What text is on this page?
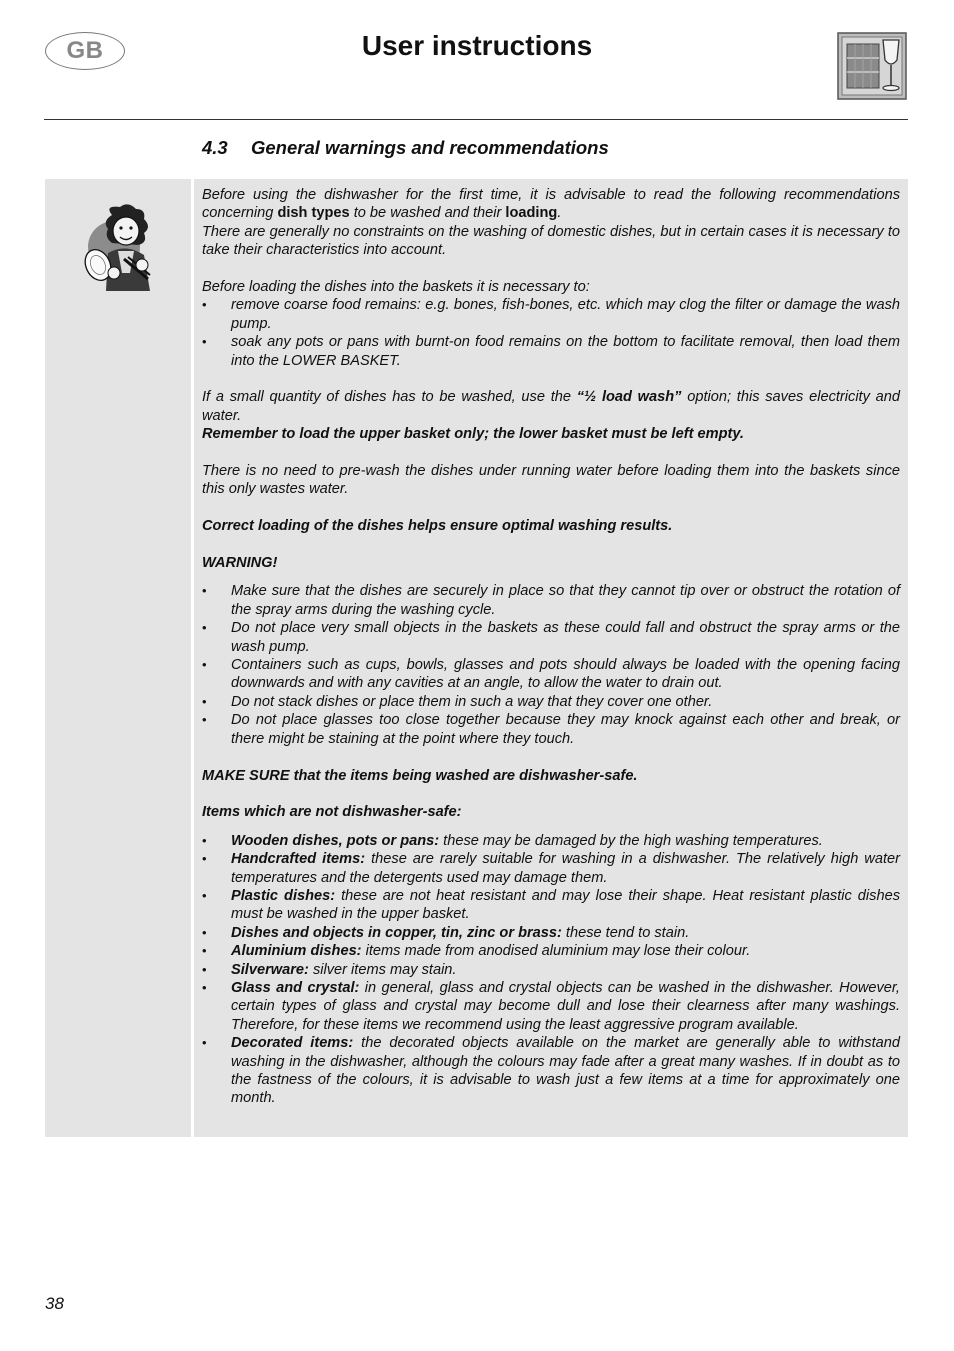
GB	User instructions
4.3 General warnings and recommendations

Before using the dishwasher for the first time, it is advisable to read the following recommendations concerning dish types to be washed and their loading.

There are generally no constraints on the washing of domestic dishes, but in certain cases it is necessary to take their characteristics into account.

Before loading the dishes into the baskets it is necessary to:

• remove coarse food remains: e.g. bones, fish-bones, etc. which may clog the filter or damage the wash pump.
• soak any pots or pans with burnt-on food remains on the bottom to facilitate removal, then load them into the LOWER BASKET.

If a small quantity of dishes has to be washed, use the “½ load wash” option; this saves electricity and water.

Remember to load the upper basket only; the lower basket must be left empty.

There is no need to pre-wash the dishes under running water before loading them into the baskets since this only wastes water.

Correct loading of the dishes helps ensure optimal washing results.

WARNING!

• Make sure that the dishes are securely in place so that they cannot tip over or obstruct the rotation of the spray arms during the washing cycle.
• Do not place very small objects in the baskets as these could fall and obstruct the spray arms or the wash pump.
• Containers such as cups, bowls, glasses and pots should always be loaded with the opening facing downwards and with any cavities at an angle, to allow the water to drain out.
• Do not stack dishes or place them in such a way that they cover one other.
• Do not place glasses too close together because they may knock against each other and break, or there might be staining at the point where they touch.

MAKE SURE that the items being washed are dishwasher-safe.

Items which are not dishwasher-safe:

• Wooden dishes, pots or pans: these may be damaged by the high washing temperatures.
• Handcrafted items: these are rarely suitable for washing in a dishwasher. The relatively high water temperatures and the detergents used may damage them.
• Plastic dishes: these are not heat resistant and may lose their shape. Heat resistant plastic dishes must be washed in the upper basket.
• Dishes and objects in copper, tin, zinc or brass: these tend to stain.
• Aluminium dishes: items made from anodised aluminium may lose their colour.
• Silverware: silver items may stain.
• Glass and crystal: in general, glass and crystal objects can be washed in the dishwasher. However, certain types of glass and crystal may become dull and lose their clearness after many washings. Therefore, for these items we recommend using the least aggressive program available.
• Decorated items: the decorated objects available on the market are generally able to withstand washing in the dishwasher, although the colours may fade after a great many washes. If in doubt as to the fastness of the colours, it is advisable to wash just a few items at a time for approximately one month.
38
